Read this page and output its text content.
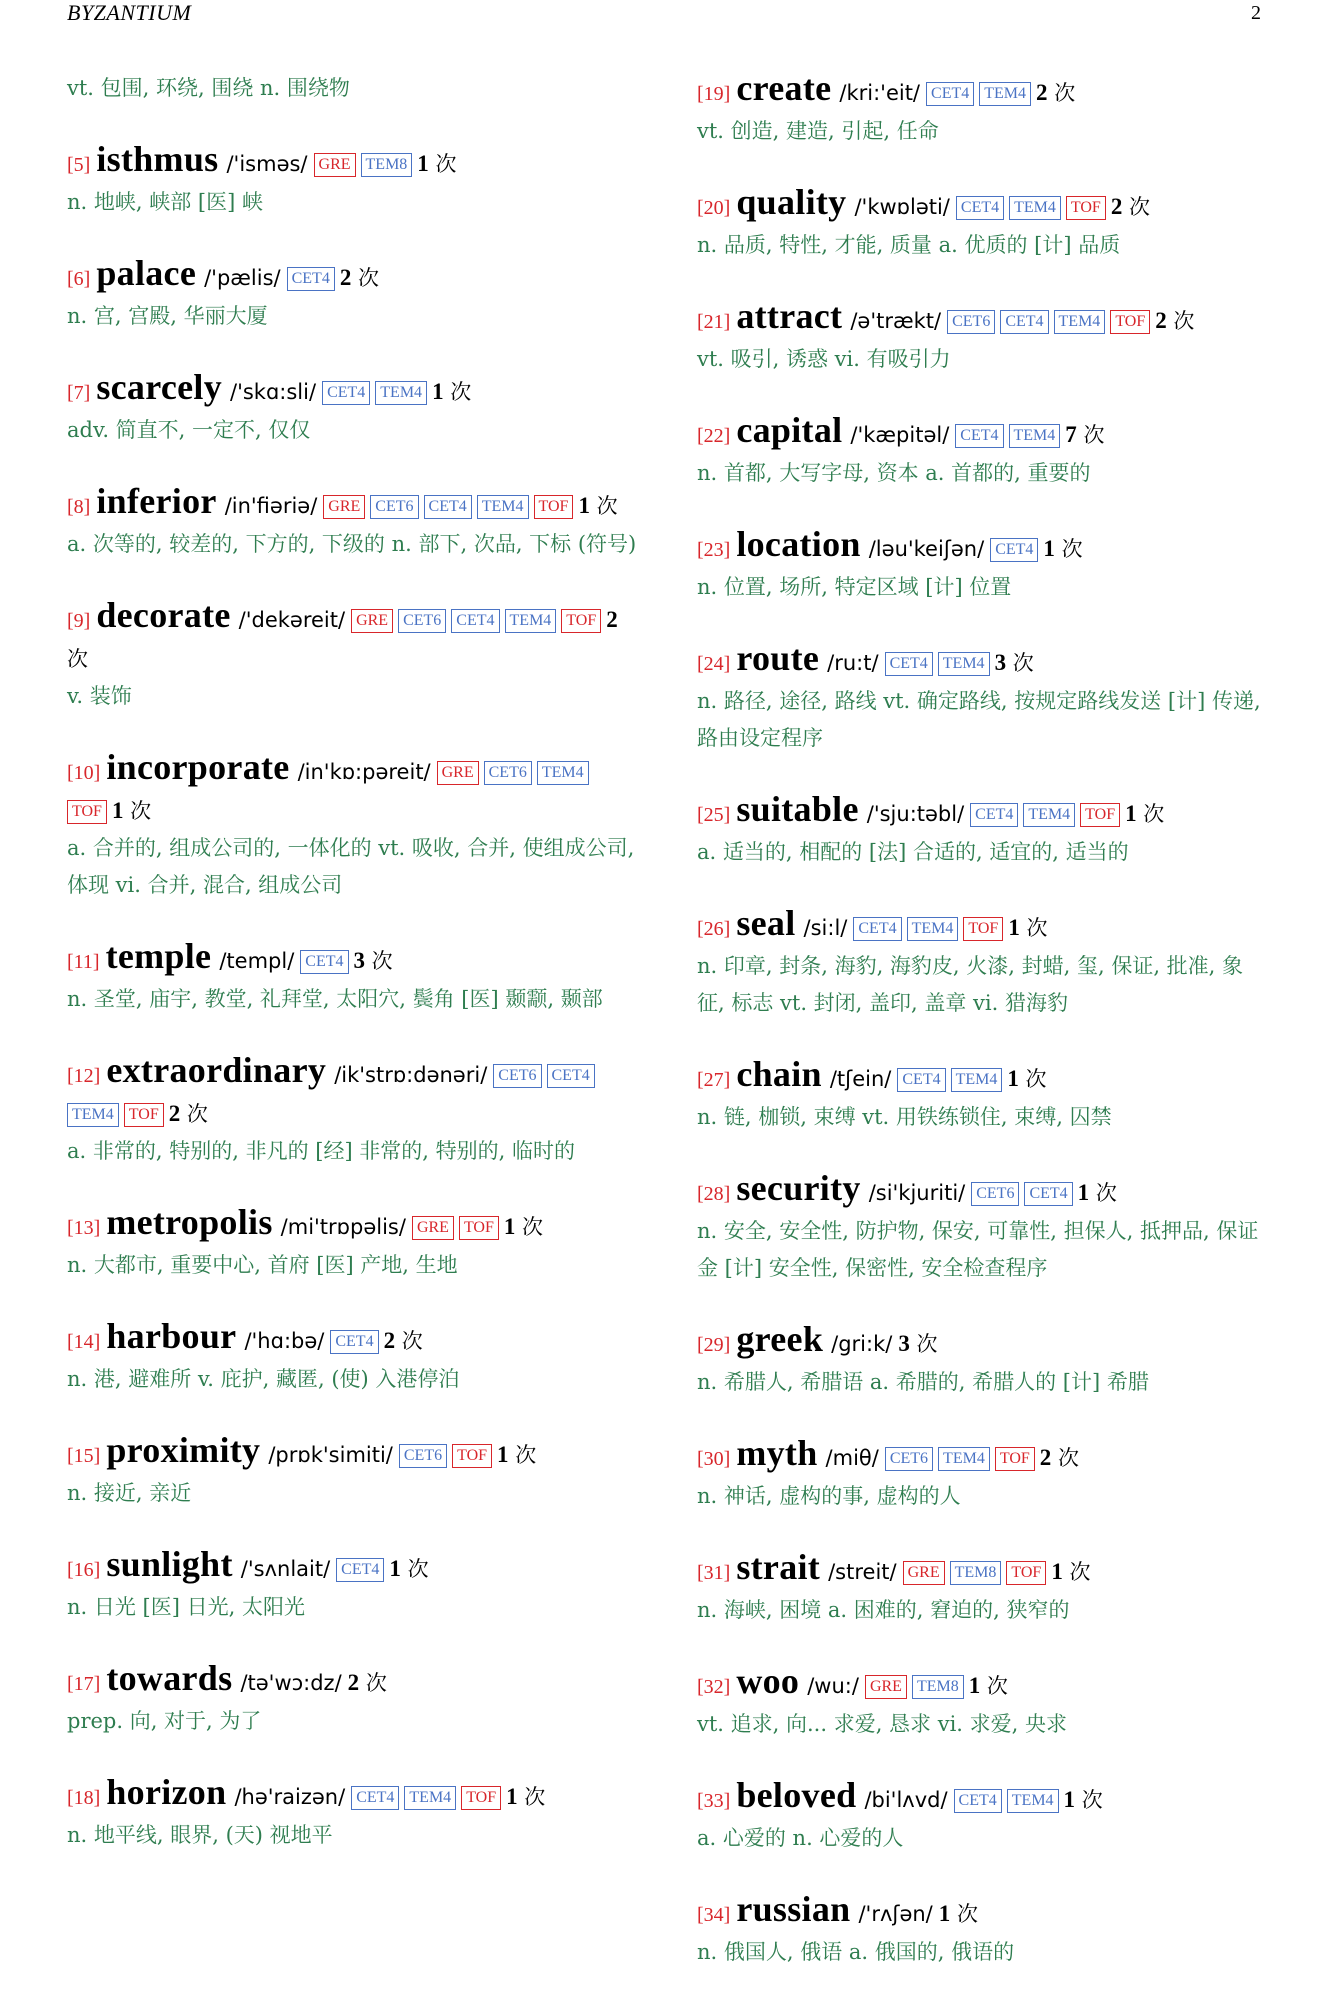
BYZANTIUM	2
vt. 包围, 环绕, 围绕 n. 围绕物
[5] isthmus /'isməs/ GRE TEM8 1 次
n. 地峡, 峡部 [医] 峡
[6] palace /'pælis/ CET4 2 次
n. 宫, 宫殿, 华丽大厦
[7] scarcely /'skɑ:sli/ CET4 TEM4 1 次
adv. 简直不, 一定不, 仅仅
[8] inferior /in'fiəriə/ GRE CET6 CET4 TEM4 TOF 1 次
a. 次等的, 较差的, 下方的, 下级的 n. 部下, 次品, 下标 (符号)
[9] decorate /'dekəreit/ GRE CET6 CET4 TEM4 TOF 2 次
v. 装饰
[10] incorporate /in'kɒ:pəreit/ GRE CET6 TEM4TOF 1 次
a. 合并的, 组成公司的, 一体化的 vt. 吸收, 合并, 使组成公司, 体现 vi. 合并, 混合, 组成公司
[11] temple /templ/ CET4 3 次
n. 圣堂, 庙宇, 教堂, 礼拜堂, 太阳穴, 鬓角 [医] 颞颥, 颞部
[12] extraordinary /ik'strɒ:dənəri/ CET6 CET4TEM4 TOF 2 次
a. 非常的, 特别的, 非凡的 [经] 非常的, 特别的, 临时的
[13] metropolis /mi'trɒpəlis/ GRE TOF 1 次
n. 大都市, 重要中心, 首府 [医] 产地, 生地
[14] harbour /'hɑ:bə/ CET4 2 次
n. 港, 避难所 v. 庇护, 藏匿, (使) 入港停泊
[15] proximity /prɒk'simiti/ CET6 TOF 1 次
n. 接近, 亲近
[16] sunlight /'sʌnlait/ CET4 1 次
n. 日光 [医] 日光, 太阳光
[17] towards /tə'wɔ:dz/ 2 次
prep. 向, 对于, 为了
[18] horizon /hə'raizən/ CET4 TEM4 TOF 1 次
n. 地平线, 眼界, (天) 视地平
[19] create /kri:'eit/ CET4 TEM4 2 次
vt. 创造, 建造, 引起, 任命
[20] quality /'kwɒləti/ CET4 TEM4 TOF 2 次
n. 品质, 特性, 才能, 质量 a. 优质的 [计] 品质
[21] attract /ə'trækt/ CET6 CET4 TEM4 TOF 2 次
vt. 吸引, 诱惑 vi. 有吸引力
[22] capital /'kæpitəl/ CET4 TEM4 7 次
n. 首都, 大写字母, 资本 a. 首都的, 重要的
[23] location /ləu'keiʃən/ CET4 1 次
n. 位置, 场所, 特定区域 [计] 位置
[24] route /ru:t/ CET4 TEM4 3 次
n. 路径, 途径, 路线 vt. 确定路线, 按规定路线发送 [计] 传递, 路由设定程序
[25] suitable /'sju:təbl/ CET4 TEM4 TOF 1 次
a. 适当的, 相配的 [法] 合适的, 适宜的, 适当的
[26] seal /si:l/ CET4 TEM4 TOF 1 次
n. 印章, 封条, 海豹, 海豹皮, 火漆, 封蜡, 玺, 保证, 批准, 象征, 标志 vt. 封闭, 盖印, 盖章 vi. 猎海豹
[27] chain /tʃein/ CET4 TEM4 1 次
n. 链, 枷锁, 束缚 vt. 用铁练锁住, 束缚, 囚禁
[28] security /si'kjuriti/ CET6 CET4 1 次
n. 安全, 安全性, 防护物, 保安, 可靠性, 担保人, 抵押品, 保证金 [计] 安全性, 保密性, 安全检查程序
[29] greek /gri:k/ 3 次
n. 希腊人, 希腊语 a. 希腊的, 希腊人的 [计] 希腊
[30] myth /miθ/ CET6 TEM4 TOF 2 次
n. 神话, 虚构的事, 虚构的人
[31] strait /streit/ GRE TEM8 TOF 1 次
n. 海峡, 困境 a. 困难的, 窘迫的, 狭窄的
[32] woo /wu:/ GRE TEM8 1 次
vt. 追求, 向... 求爱, 恳求 vi. 求爱, 央求
[33] beloved /bi'lʌvd/ CET4 TEM4 1 次
a. 心爱的 n. 心爱的人
[34] russian /'rʌʃən/ 1 次
n. 俄国人, 俄语 a. 俄国的, 俄语的
